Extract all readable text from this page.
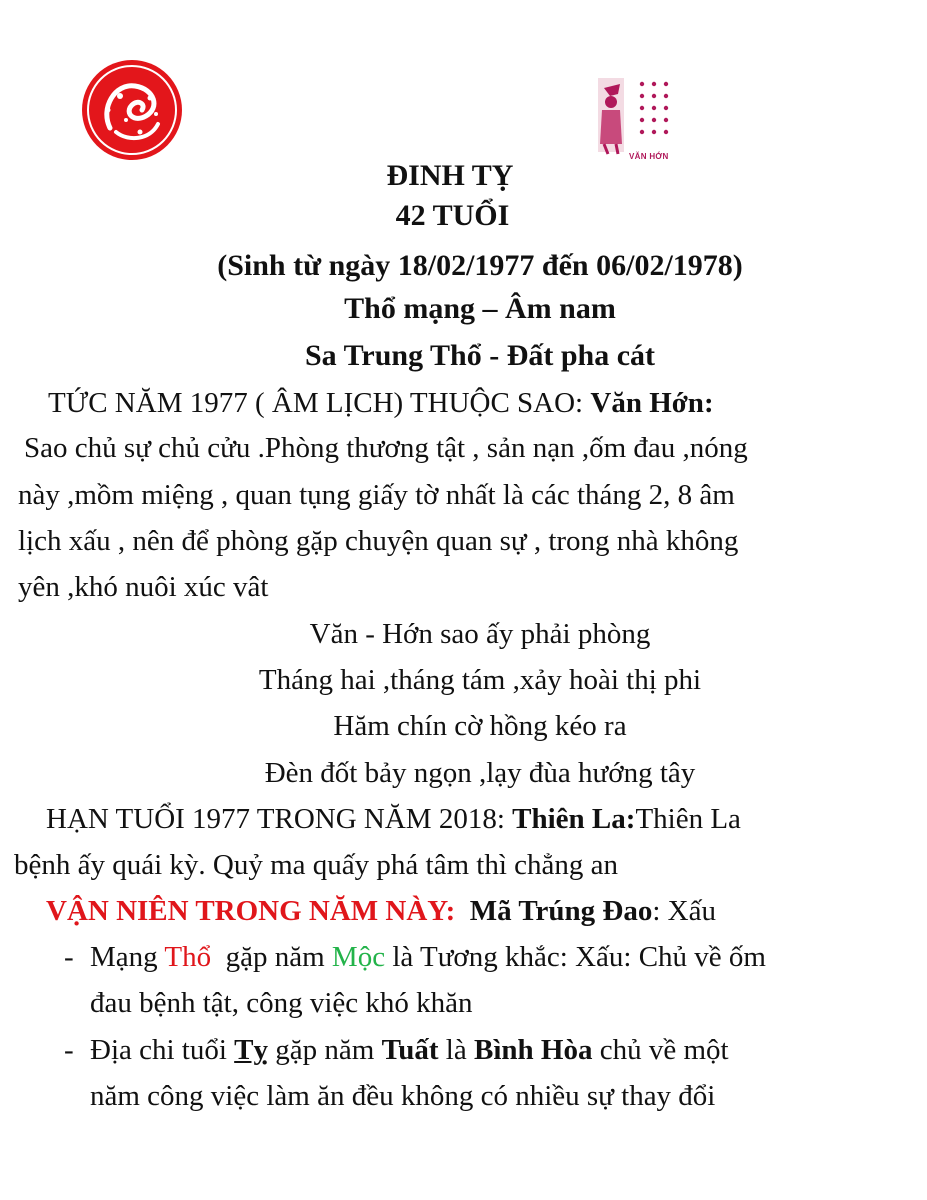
VĂN HỚN
ĐINH TỴ
42 TUỔI
(Sinh từ ngày 18/02/1977 đến 06/02/1978)
Thổ mạng – Âm nam
Sa Trung Thổ - Đất pha cát
TỨC NĂM 1977 ( ÂM LỊCH) THUỘC SAO: Văn Hớn:
Sao chủ sự chủ cửu .Phòng thương tật , sản nạn ,ốm đau ,nóng
này ,mồm miệng , quan tụng giấy tờ nhất là các tháng 2, 8 âm
lịch xấu , nên để phòng gặp chuyện quan sự , trong nhà không
yên ,khó nuôi xúc vât
Văn - Hớn sao ấy phải phòng
Tháng hai ,tháng tám ,xảy hoài thị phi
Hăm chín cờ hồng kéo ra
Đèn đốt bảy ngọn ,lạy đùa hướng tây
HẠN TUỔI 1977 TRONG NĂM 2018: Thiên La:Thiên La
bệnh ấy quái kỳ. Quỷ ma quấy phá tâm thì chẳng an
VẬN NIÊN TRONG NĂM NÀY: Mã Trúng Đao: Xấu
- Mạng Thổ  gặp năm Mộc là Tương khắc: Xấu: Chủ về ốm
đau bệnh tật, công việc khó khăn
- Địa chi tuổi Tỵ gặp năm Tuất là Bình Hòa chủ về một
năm công việc làm ăn đều không có nhiều sự thay đổi
